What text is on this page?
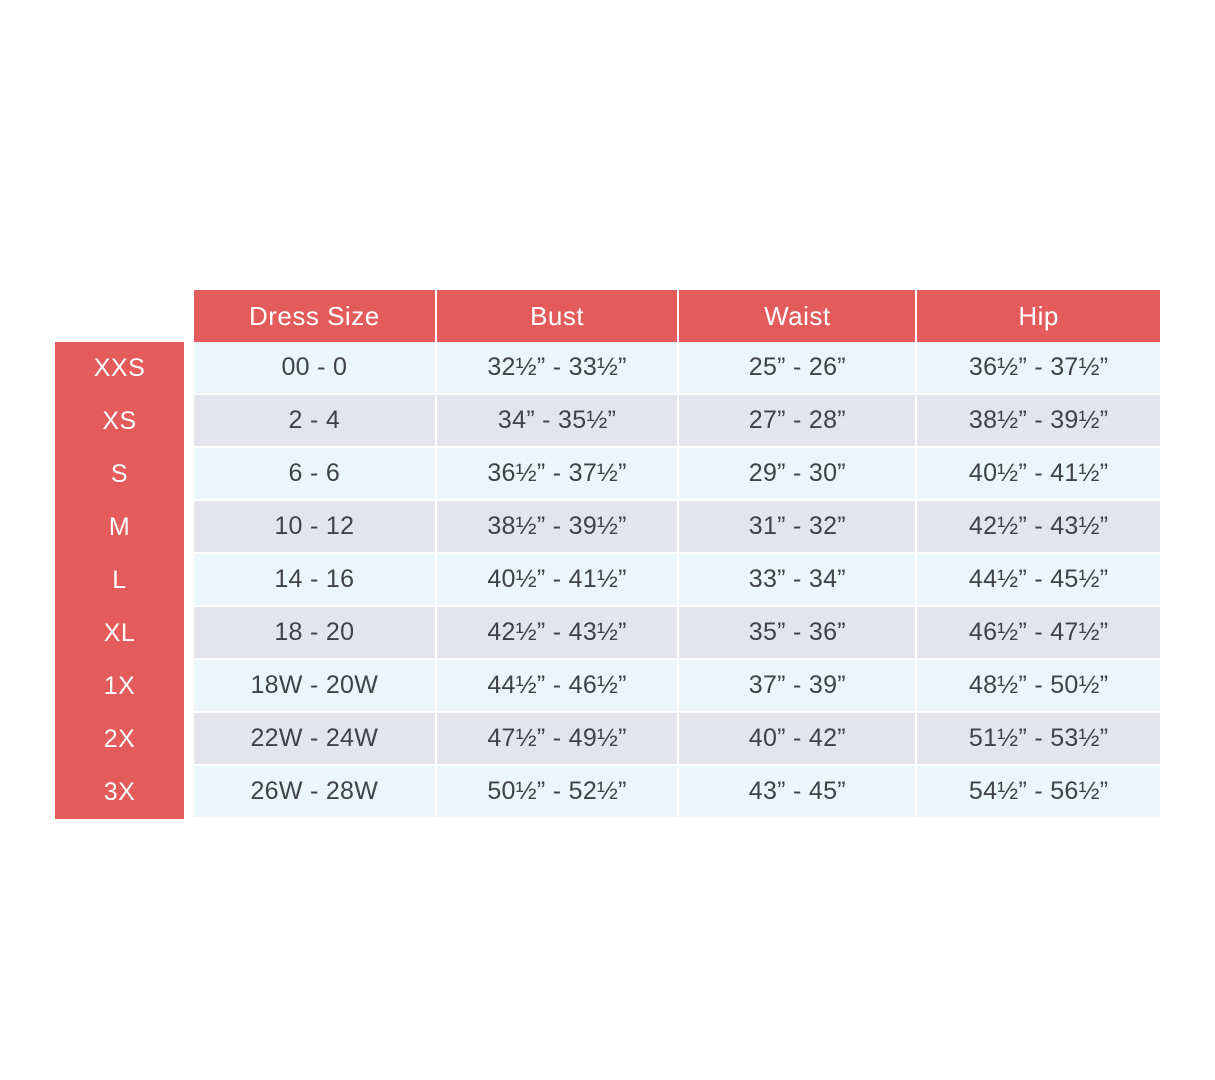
		Dress Size	Bust	Waist	Hip
XXS		00 - 0	32½” - 33½”	25” - 26”	36½” - 37½”
XS		2 - 4	34” - 35½”	27” - 28”	38½” - 39½”
S		6 - 6	36½” - 37½”	29” - 30”	40½” - 41½”
M		10 - 12	38½” - 39½”	31” - 32”	42½” - 43½”
L		14 - 16	40½” - 41½”	33” - 34”	44½” - 45½”
XL		18 - 20	42½” - 43½”	35” - 36”	46½” - 47½”
1X		18W - 20W	44½” - 46½”	37” - 39”	48½” - 50½”
2X		22W - 24W	47½” - 49½”	40” - 42”	51½” - 53½”
3X		26W - 28W	50½” - 52½”	43” - 45”	54½” - 56½”
